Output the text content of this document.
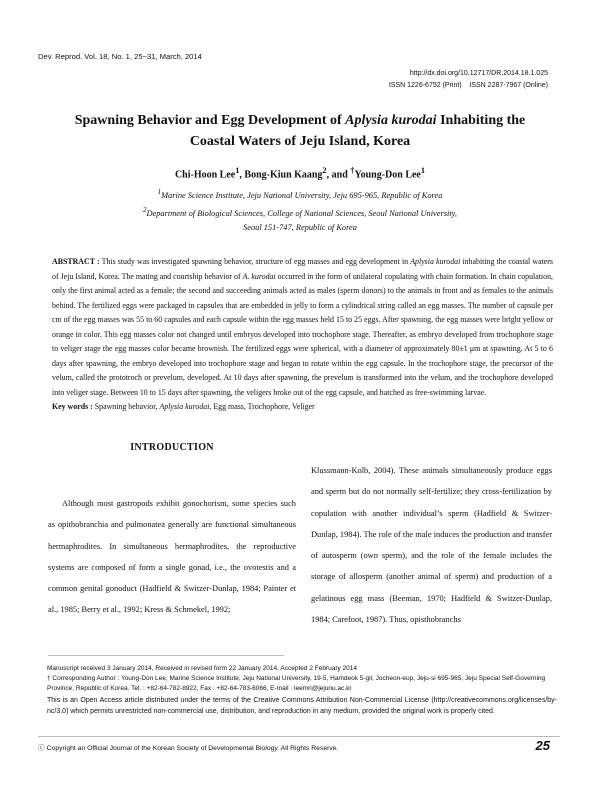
Dev. Reprod. Vol. 18, No. 1, 25~31, March, 2014
http://dx.doi.org/10.12717/DR.2014.18.1.025
ISSN 1226-6752 (Print)    ISSN 2287-7967 (Online)
Spawning Behavior and Egg Development of Aplysia kurodai Inhabiting the
Coastal Waters of Jeju Island, Korea
Chi-Hoon Lee$^1$, Bong-Kiun Kaang$^2$, and †Young-Don Lee$^1$
$^1$Marine Science Institute, Jeju National University, Jeju 695-965, Republic of Korea
$^2$Department of Biological Sciences, College of National Sciences, Seoul National University,
Seoul 151-747, Republic of Korea
ABSTRACT : This study was investigated spawning behavior, structure of egg masses and egg development in Aplysia kurodai inhabiting the coastal waters of Jeju Island, Korea. The mating and courtship behavior of A. kurodai occurred in the form of unilateral copulating with chain formation. In chain copulation, only the first animal acted as a female; the second and succeeding animals acted as males (sperm donors) to the animals in front and as females to the animals behind. The fertilized eggs were packaged in capsules that are embedded in jelly to form a cylindrical string called an egg masses. The number of capsule per cm of the egg masses was 55 to 60 capsules and each capsule within the egg masses held 15 to 25 eggs. After spawning, the egg masses were bright yellow or orange in color. This egg masses color not changed until embryos developed into trochophore stage. Thereafter, as embryo developed from trochophore stage to veliger stage the egg masses color became brownish. The fertilized eggs were spherical, with a diameter of approximately 80±1 μm at spawning. At 5 to 6 days after spawning, the embryo developed into trochophore stage and began to rotate within the egg capsule. In the trochophore stage, the precursor of the velum, called the prototroch or prevelum, developed. At 10 days after spawning, the prevelum is transformed into the velum, and the trochophore developed into veliger stage. Between 10 to 15 days after spawning, the veligers broke out of the egg capsule, and hatched as free-swimming larvae.
Key words : Spawning behavior, Aplysia kurodai, Egg mass, Trochophore, Veliger
INTRODUCTION
Although most gastropods exhibit gonochorism, some species such as opithobranchia and pulmonatea generally are functional simultaneous hermaphrodites. In simultaneous hermaphrodites, the reproductive systems are composed of form a single gonad, i.e., the ovotestis and a common genital gonoduct (Hadfield & Switzer-Dunlap, 1984; Painter et al., 1985; Berry et al., 1992; Kress & Schmekel, 1992;
Klussmann-Kolb, 2004). These animals simultaneously produce eggs and sperm but do not normally self-fertilize; they cross-fertilization by copulation with another individual’s sperm (Hadfield & Switzer-Dunlap, 1984). The role of the male induces the production and transfer of autosperm (own sperm), and the role of the female includes the storage of allosperm (another animal of sperm) and production of a gelatinous egg mass (Beeman, 1970; Hadfield & Switzer-Dunlap, 1984; Carefoot, 1987). Thus, opisthobranchs
Manuscript received 3 January 2014, Received in revised form 22 January 2014, Accepted 2 February 2014
† Corresponding Author : Young-Don Lee, Marine Science Institute, Jeju National University, 19-5, Hamdeok 5-gil, Jocheon-eup, Jeju-si 695-965, Jeju Special Self-Governing Province, Republic of Korea. Tel. : +82-64-782-8922, Fax : +82-64-783-6066, E-mail : leemri@jejunu.ac.kr
This is an Open Access article distributed under the terms of the Creative Commons Attribution Non-Commercial License (http://creativecommons.org/licenses/by-nc/3.0) which permits unrestricted non-commercial use, distribution, and reproduction in any medium, provided the original work is properly cited.
ⓒ Copyright an Official Journal of the Korean Society of Developmental Biology. All Rights Reserve.	25
